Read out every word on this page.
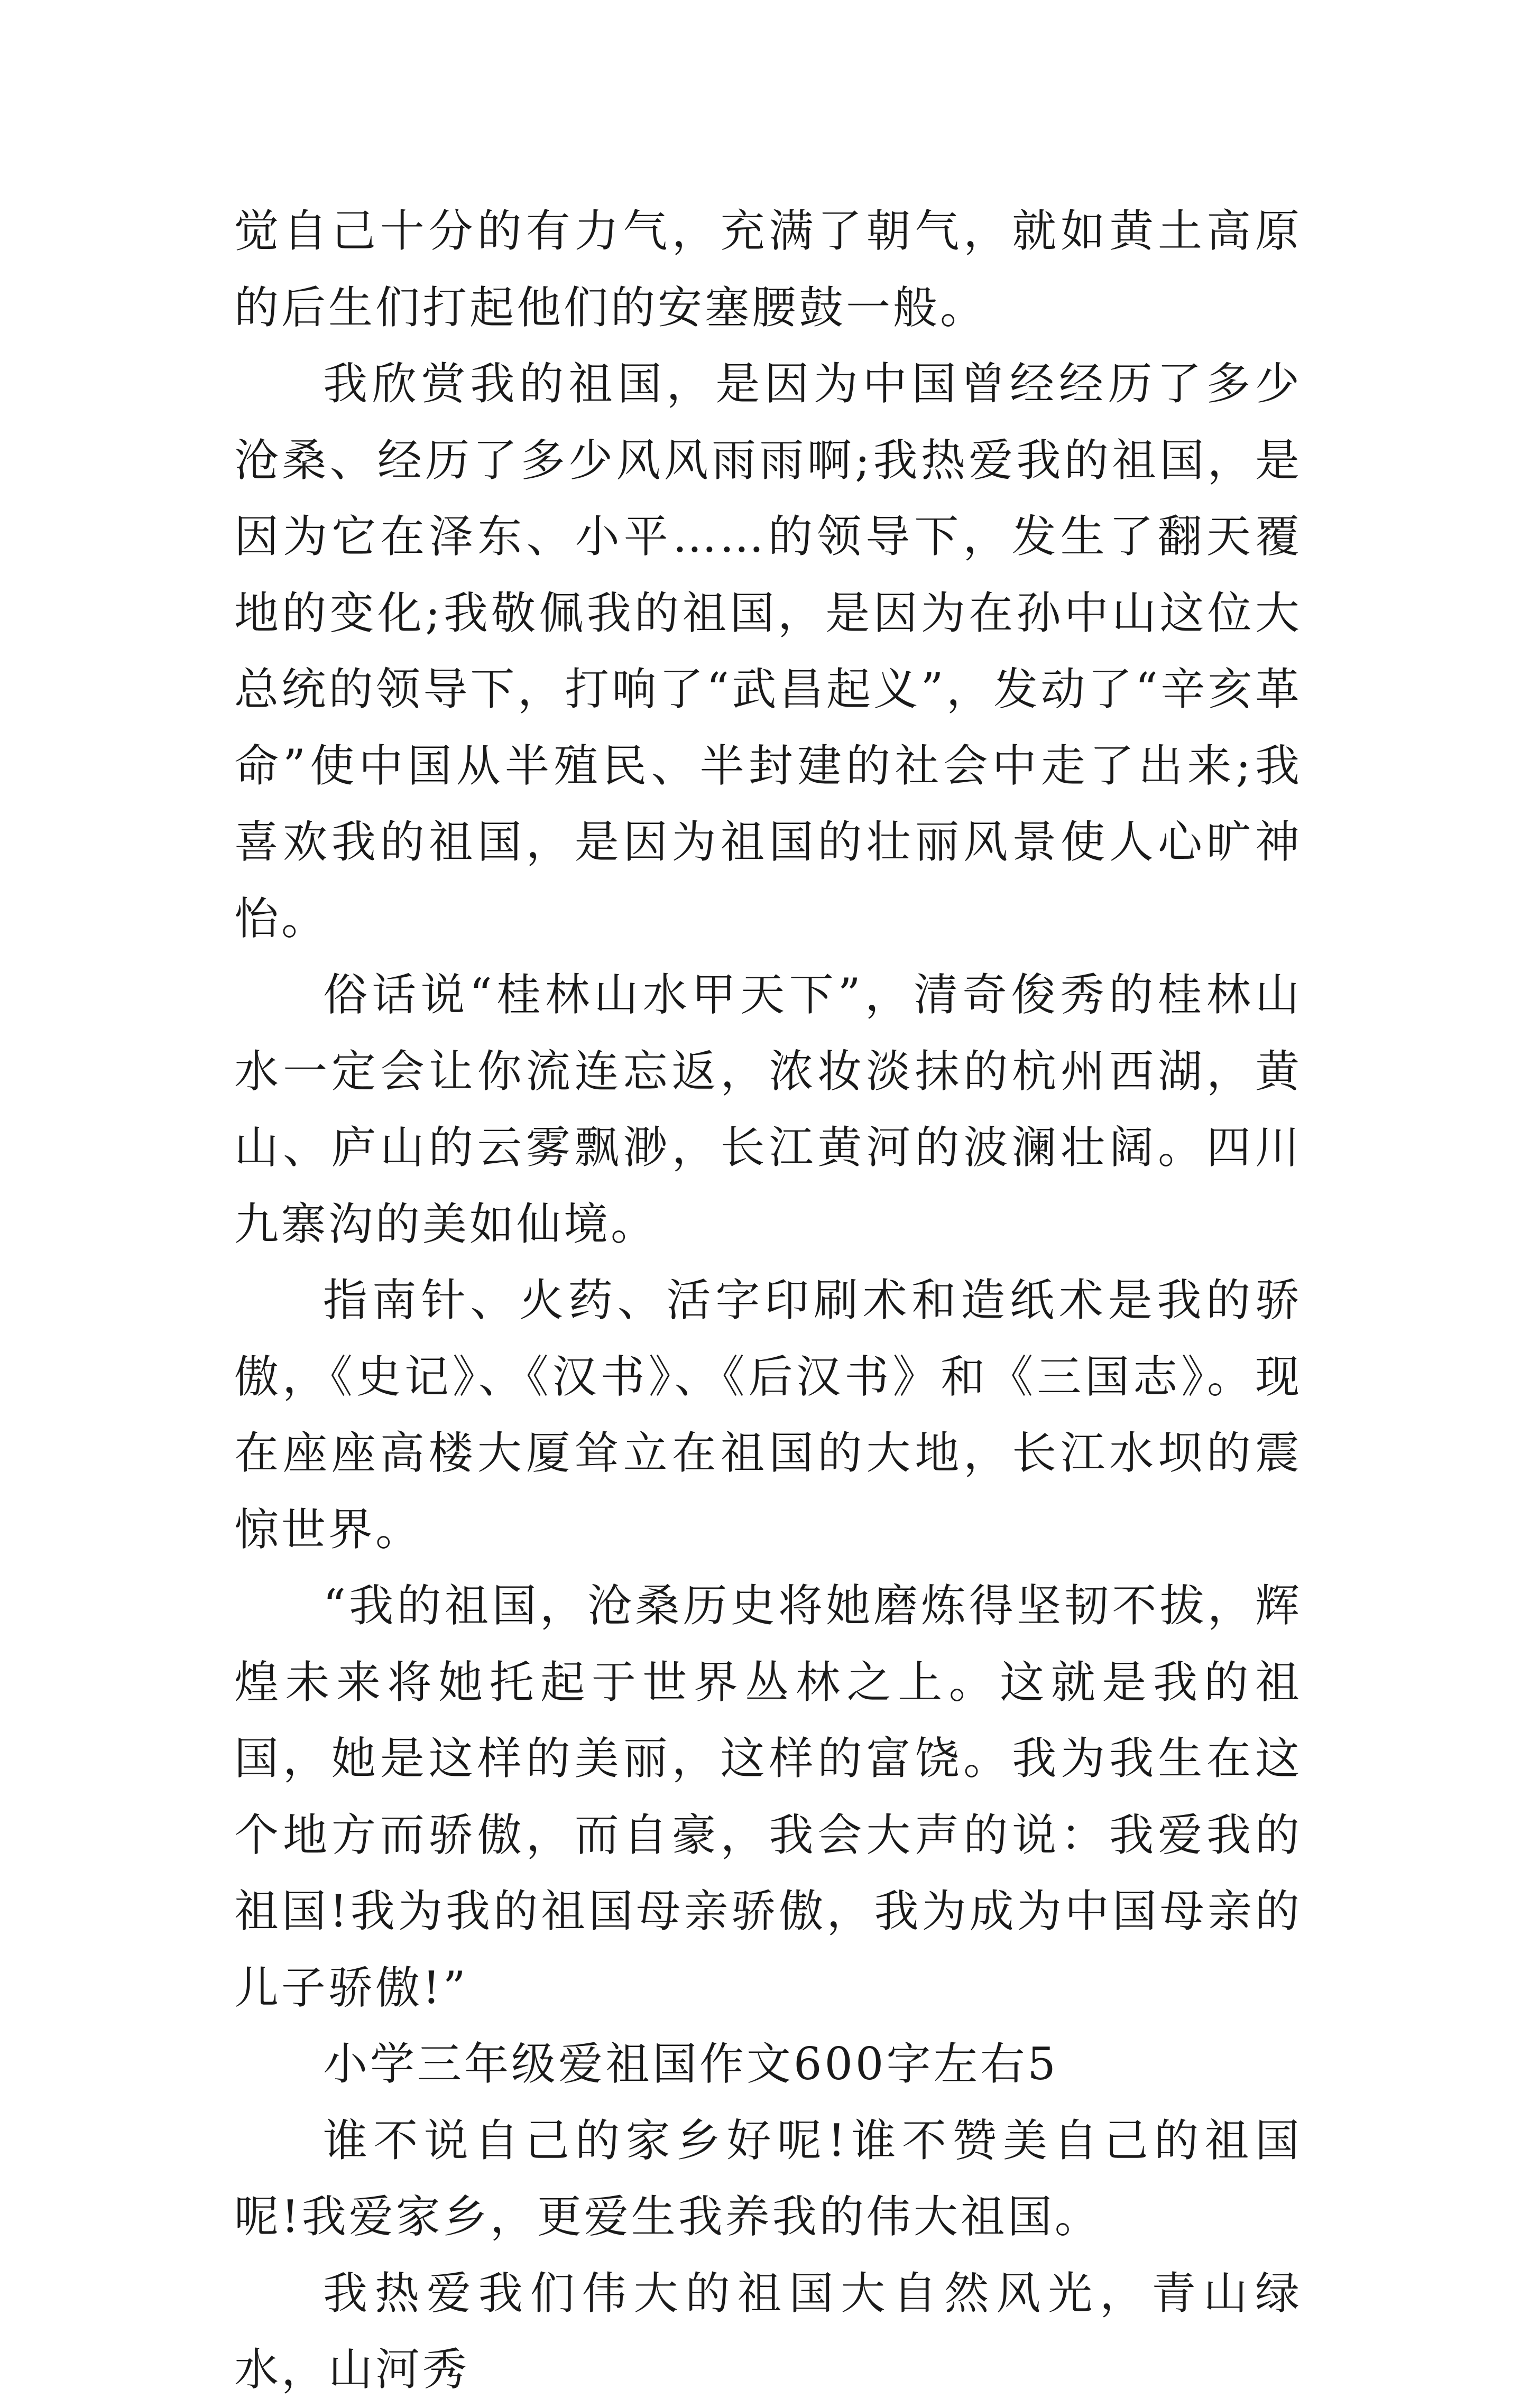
觉自己十分的有力气，充满了朝气，就如黄土高原的后生们打起他们的安塞腰鼓一般。

我欣赏我的祖国，是因为中国曾经经历了多少沧桑、经历了多少风风雨雨啊;我热爱我的祖国，是因为它在泽东、小平……的领导下，发生了翻天覆地的变化;我敬佩我的祖国，是因为在孙中山这位大总统的领导下，打响了“武昌起义”，发动了“辛亥革命”使中国从半殖民、半封建的社会中走了出来;我喜欢我的祖国，是因为祖国的壮丽风景使人心旷神怡。

俗话说“桂林山水甲天下”，清奇俊秀的桂林山水一定会让你流连忘返，浓妆淡抹的杭州西湖，黄山、庐山的云雾飘渺，长江黄河的波澜壮阔。四川九寨沟的美如仙境。

指南针、火药、活字印刷术和造纸术是我的骄傲，《史记》、《汉书》、《后汉书》和《三国志》。现在座座高楼大厦耸立在祖国的大地，长江水坝的震惊世界。

“我的祖国，沧桑历史将她磨炼得坚韧不拔，辉煌未来将她托起于世界丛林之上。这就是我的祖国，她是这样的美丽，这样的富饶。我为我生在这个地方而骄傲，而自豪，我会大声的说：我爱我的祖国!我为我的祖国母亲骄傲，我为成为中国母亲的儿子骄傲!”

小学三年级爱祖国作文600字左右5

谁不说自己的家乡好呢!谁不赞美自己的祖国呢!我爱家乡，更爱生我养我的伟大祖国。

我热爱我们伟大的祖国大自然风光，青山绿水，山河秀
